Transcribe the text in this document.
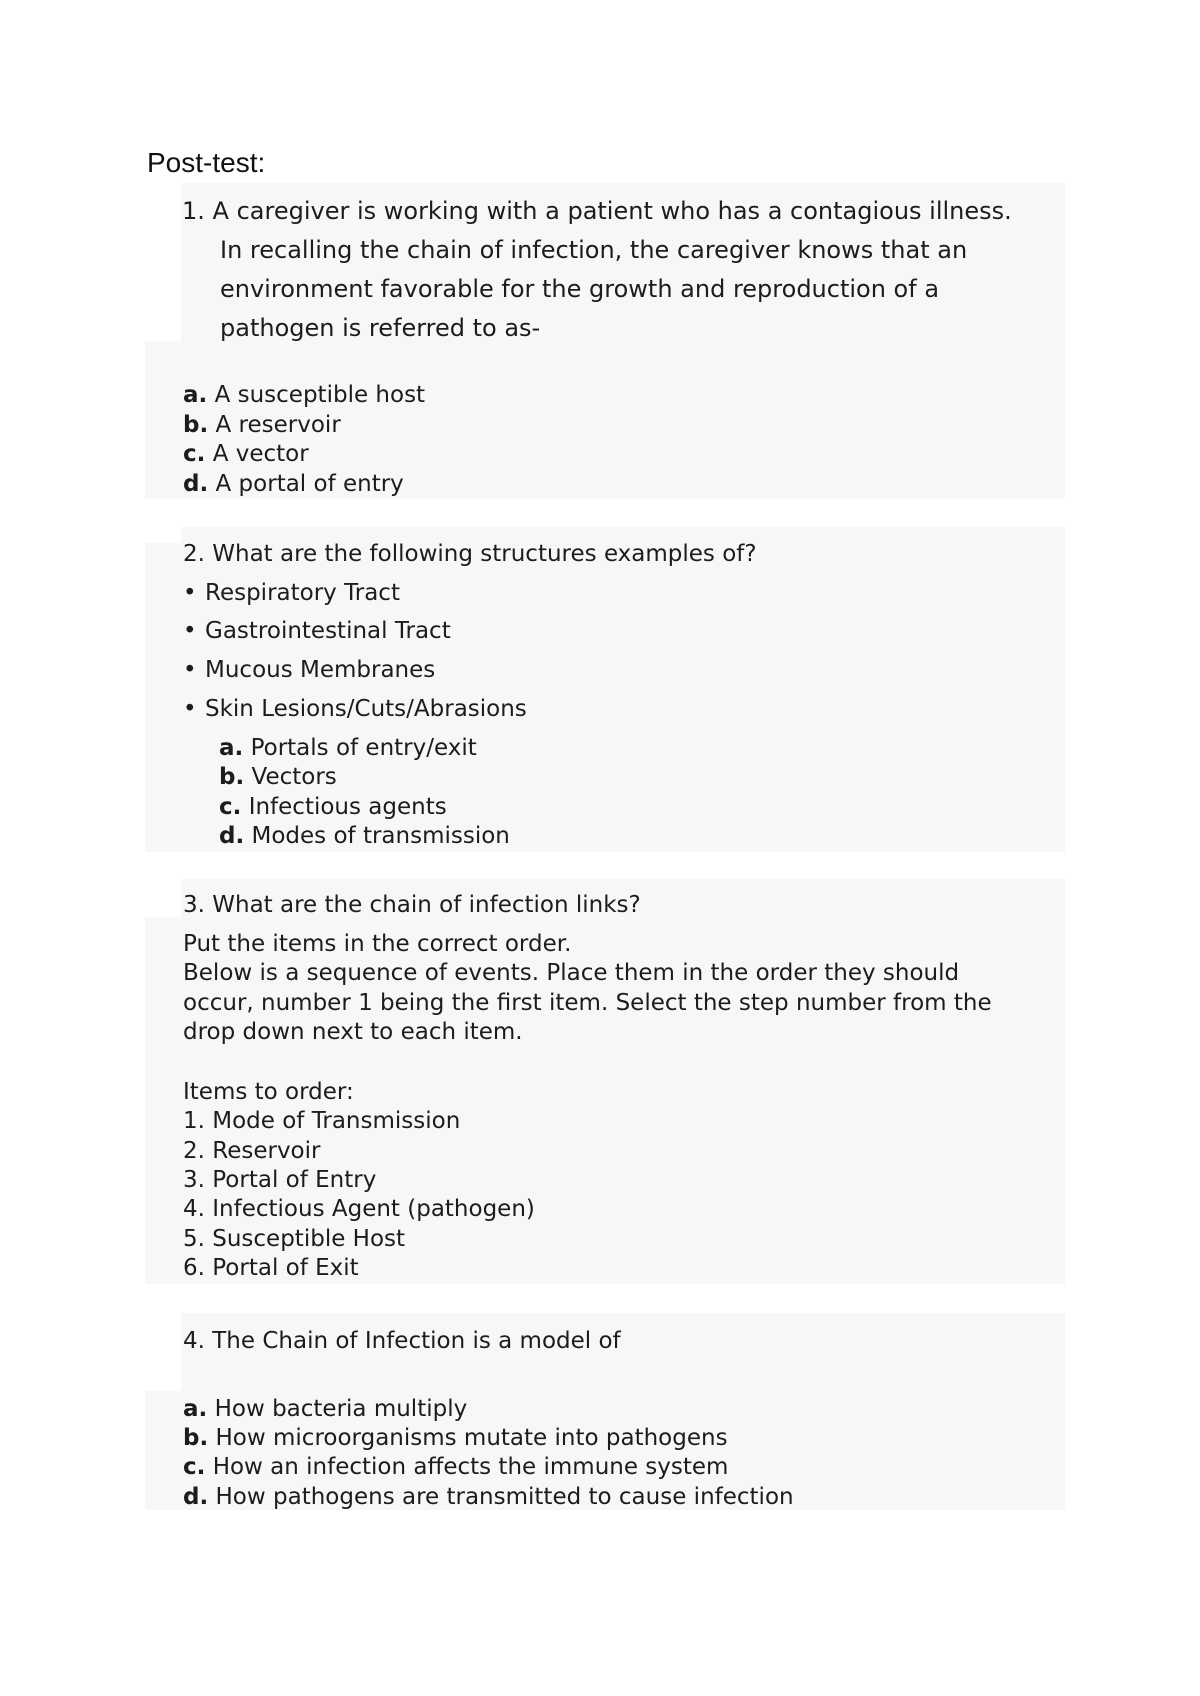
Post-test:
1. A caregiver is working with a patient who has a contagious illness.
In recalling the chain of infection, the caregiver knows that an
environment favorable for the growth and reproduction of a
pathogen is referred to as-
a. A susceptible host
b. A reservoir
c. A vector
d. A portal of entry
2. What are the following structures examples of?
• Respiratory Tract
• Gastrointestinal Tract
• Mucous Membranes
• Skin Lesions/Cuts/Abrasions
a. Portals of entry/exit
b. Vectors
c. Infectious agents
d. Modes of transmission
3. What are the chain of infection links?
Put the items in the correct order.
Below is a sequence of events. Place them in the order they should
occur, number 1 being the first item. Select the step number from the
drop down next to each item.
Items to order:
1. Mode of Transmission
2. Reservoir
3. Portal of Entry
4. Infectious Agent (pathogen)
5. Susceptible Host
6. Portal of Exit
4. The Chain of Infection is a model of
a. How bacteria multiply
b. How microorganisms mutate into pathogens
c. How an infection affects the immune system
d. How pathogens are transmitted to cause infection
